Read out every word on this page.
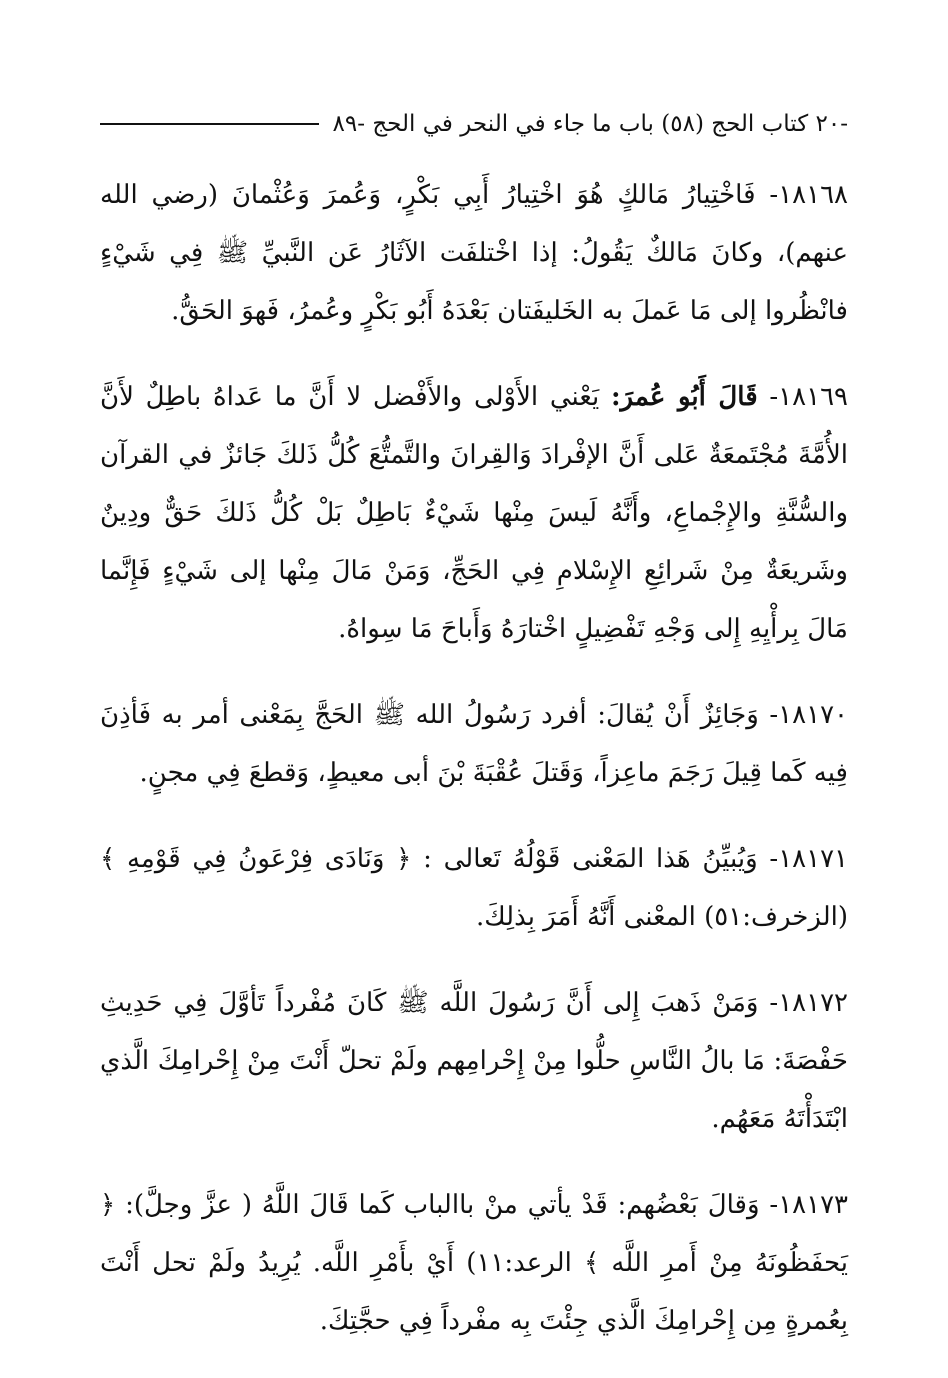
-٢٠ كتاب الحج (٥٨) باب ما جاء في النحر في الحج -٨٩

١٨١٦٨- فَاخْتِيارُ مَالكٍ هُوَ اخْتِيارُ أَبِي بَكْرٍ، وَعُمرَ وَعُثْمانَ (رضي الله عنهم)، وكانَ مَالكٌ يَقُولُ: إذا اخْتلفَت الآثَارُ عَن النَّبيِّ ﷺ فِي شَيْءٍ فانْظُروا إلى مَا عَملَ به الخَليفَتان بَعْدَهُ أَبُو بَكْرٍ وعُمرُ، فَهوَ الحَقُّ.

١٨١٦٩- قَالَ أَبُو عُمرَ: يَعْني الأَوْلى والأَفْضل لا أَنَّ ما عَداهُ باطِلٌ لأَنَّ الأُمَّةَ مُجْتَمعَةٌ عَلى أَنَّ الإفْرادَ وَالقِرانَ والتَّمتُّعَ كُلُّ ذَلكَ جَائزٌ في القرآن والسُّنَّةِ والإِجْماعِ، وأَنَّهُ لَيسَ مِنْها شَيْءٌ بَاطِلٌ بَلْ كُلُّ ذَلكَ حَقٌّ ودِينٌ وشَريعَةٌ مِنْ شَرائِعِ الإِسْلامِ فِي الحَجِّ، وَمَنْ مَالَ مِنْها إلى شَيْءٍ فَإِنَّما مَالَ بِرأْيِهِ إِلى وَجْهِ تَفْضِيلٍ اخْتارَهُ وَأَباحَ مَا سِواهُ.

١٨١٧٠- وَجَائِزٌ أَنْ يُقالَ: أفرد رَسُولُ الله ﷺ الحَجَّ بِمَعْنى أمر به فَأذِنَ فِيه كَما قِيلَ رَجَمَ ماعِزاً، وَقَتلَ عُقْبَةَ بْنَ أبى معيطٍ، وَقطعَ فِي مجنٍ.

١٨١٧١- وَيُبيِّنُ هَذا المَعْنى قَوْلُهُ تَعالى : ﴿ وَنَادَى فِرْعَونُ فِي قَوْمِهِ ﴾ (الزخرف:٥١) المعْنى أَنَّهُ أَمَرَ بِذلِكَ.

١٨١٧٢- وَمَنْ ذَهبَ إِلى أَنَّ رَسُولَ اللَّه ﷺ كَانَ مُفْرداً تَأوَّلَ فِي حَدِيثِ حَفْصَةَ: مَا بالُ النَّاسِ حلُّوا مِنْ إِحْرامِهم ولَمْ تحلّ أَنْتَ مِنْ إِحْرامِكَ الَّذي ابْتَدَأْتَهُ مَعَهُم.

١٨١٧٣- وَقالَ بَعْضُهم: قَدْ يأتي منْ باالباب كَما قَالَ اللَّهُ ( عزَّ وجلَّ): ﴿ يَحفَظُونَهُ مِنْ أَمرِ اللَّه ﴾ الرعد:١١) أَيْ بأَمْرِ اللَّه. يُرِيدُ ولَمْ تحل أَنْتَ بِعُمرةٍ مِن إِحْرامِكَ الَّذي جِئْتَ بِه مفْرداً فِي حجَّتِكَ.
